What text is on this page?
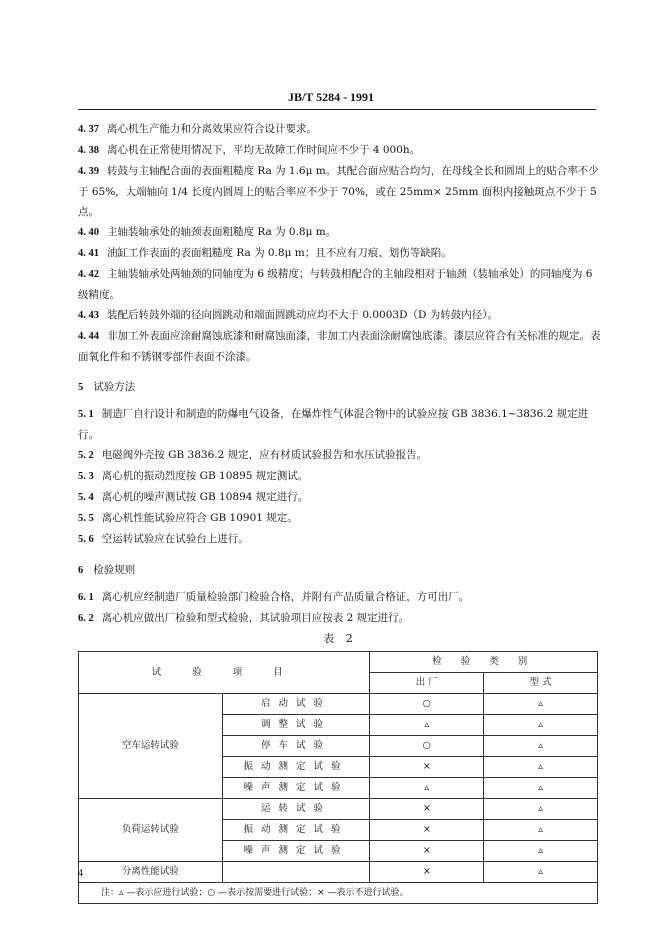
JB/T 5284 - 1991

4. 37 离心机生产能力和分离效果应符合设计要求。

4. 38 离心机在正常使用情况下，平均无故障工作时间应不少于 4 000h。

4. 39 转鼓与主轴配合面的表面粗糙度 Ra 为 1.6μ m。其配合面应贴合均匀，在母线全长和圆周上的贴合率不少于 65%，大端轴向 1/4 长度内圆周上的贴合率应不少于 70%，或在 25mm× 25mm 面积内接触斑点不少于 5 点。

4. 40 主轴装轴承处的轴颈表面粗糙度 Ra 为 0.8μ m。

4. 41 油缸工作表面的表面粗糙度 Ra 为 0.8μ m；且不应有刀痕、划伤等缺陷。

4. 42 主轴装轴承处两轴颈的同轴度为 6 级精度；与转鼓相配合的主轴段相对于轴颈（装轴承处）的同轴度为 6 级精度。

4. 43 装配后转鼓外端的径向圆跳动和端面圆跳动应均不大于 0.0003D（D 为转鼓内径）。

4. 44 非加工外表面应涂耐腐蚀底漆和耐腐蚀面漆，非加工内表面涂耐腐蚀底漆。漆层应符合有关标准的规定。表面氧化件和不锈钢零部件表面不涂漆。

5 试验方法

5. 1 制造厂自行设计和制造的防爆电气设备，在爆炸性气体混合物中的试验应按 GB 3836.1~3836.2 规定进行。

5. 2 电磁阀外壳按 GB 3836.2 规定，应有材质试验报告和水压试验报告。

5. 3 离心机的振动烈度按 GB 10895 规定测试。

5. 4 离心机的噪声测试按 GB 10894 规定进行。

5. 5 离心机性能试验应符合 GB 10901 规定。

5. 6 空运转试验应在试验台上进行。

6 检验规则

6. 1 离心机应经制造厂质量检验部门检验合格，并附有产品质量合格证，方可出厂。

6. 2 离心机应做出厂检验和型式检验，其试验项目应按表 2 规定进行。

表 2
试 验 项 目		检 验 类 别	
		出 厂	型 式
空车运转试验	启动试验	○	▵
	调整试验	▵	▵
	停车试验	○	▵
	振动测定试验	×	▵
	噪声测定试验	▵	▵
负荷运转试验	运转试验	×	▵
	振动测定试验	×	▵
	噪声测定试验	×	▵
分离性能试验		×	▵
注：▵ —表示应进行试验；○ —表示按需要进行试验；× —表示不进行试验。			
4
